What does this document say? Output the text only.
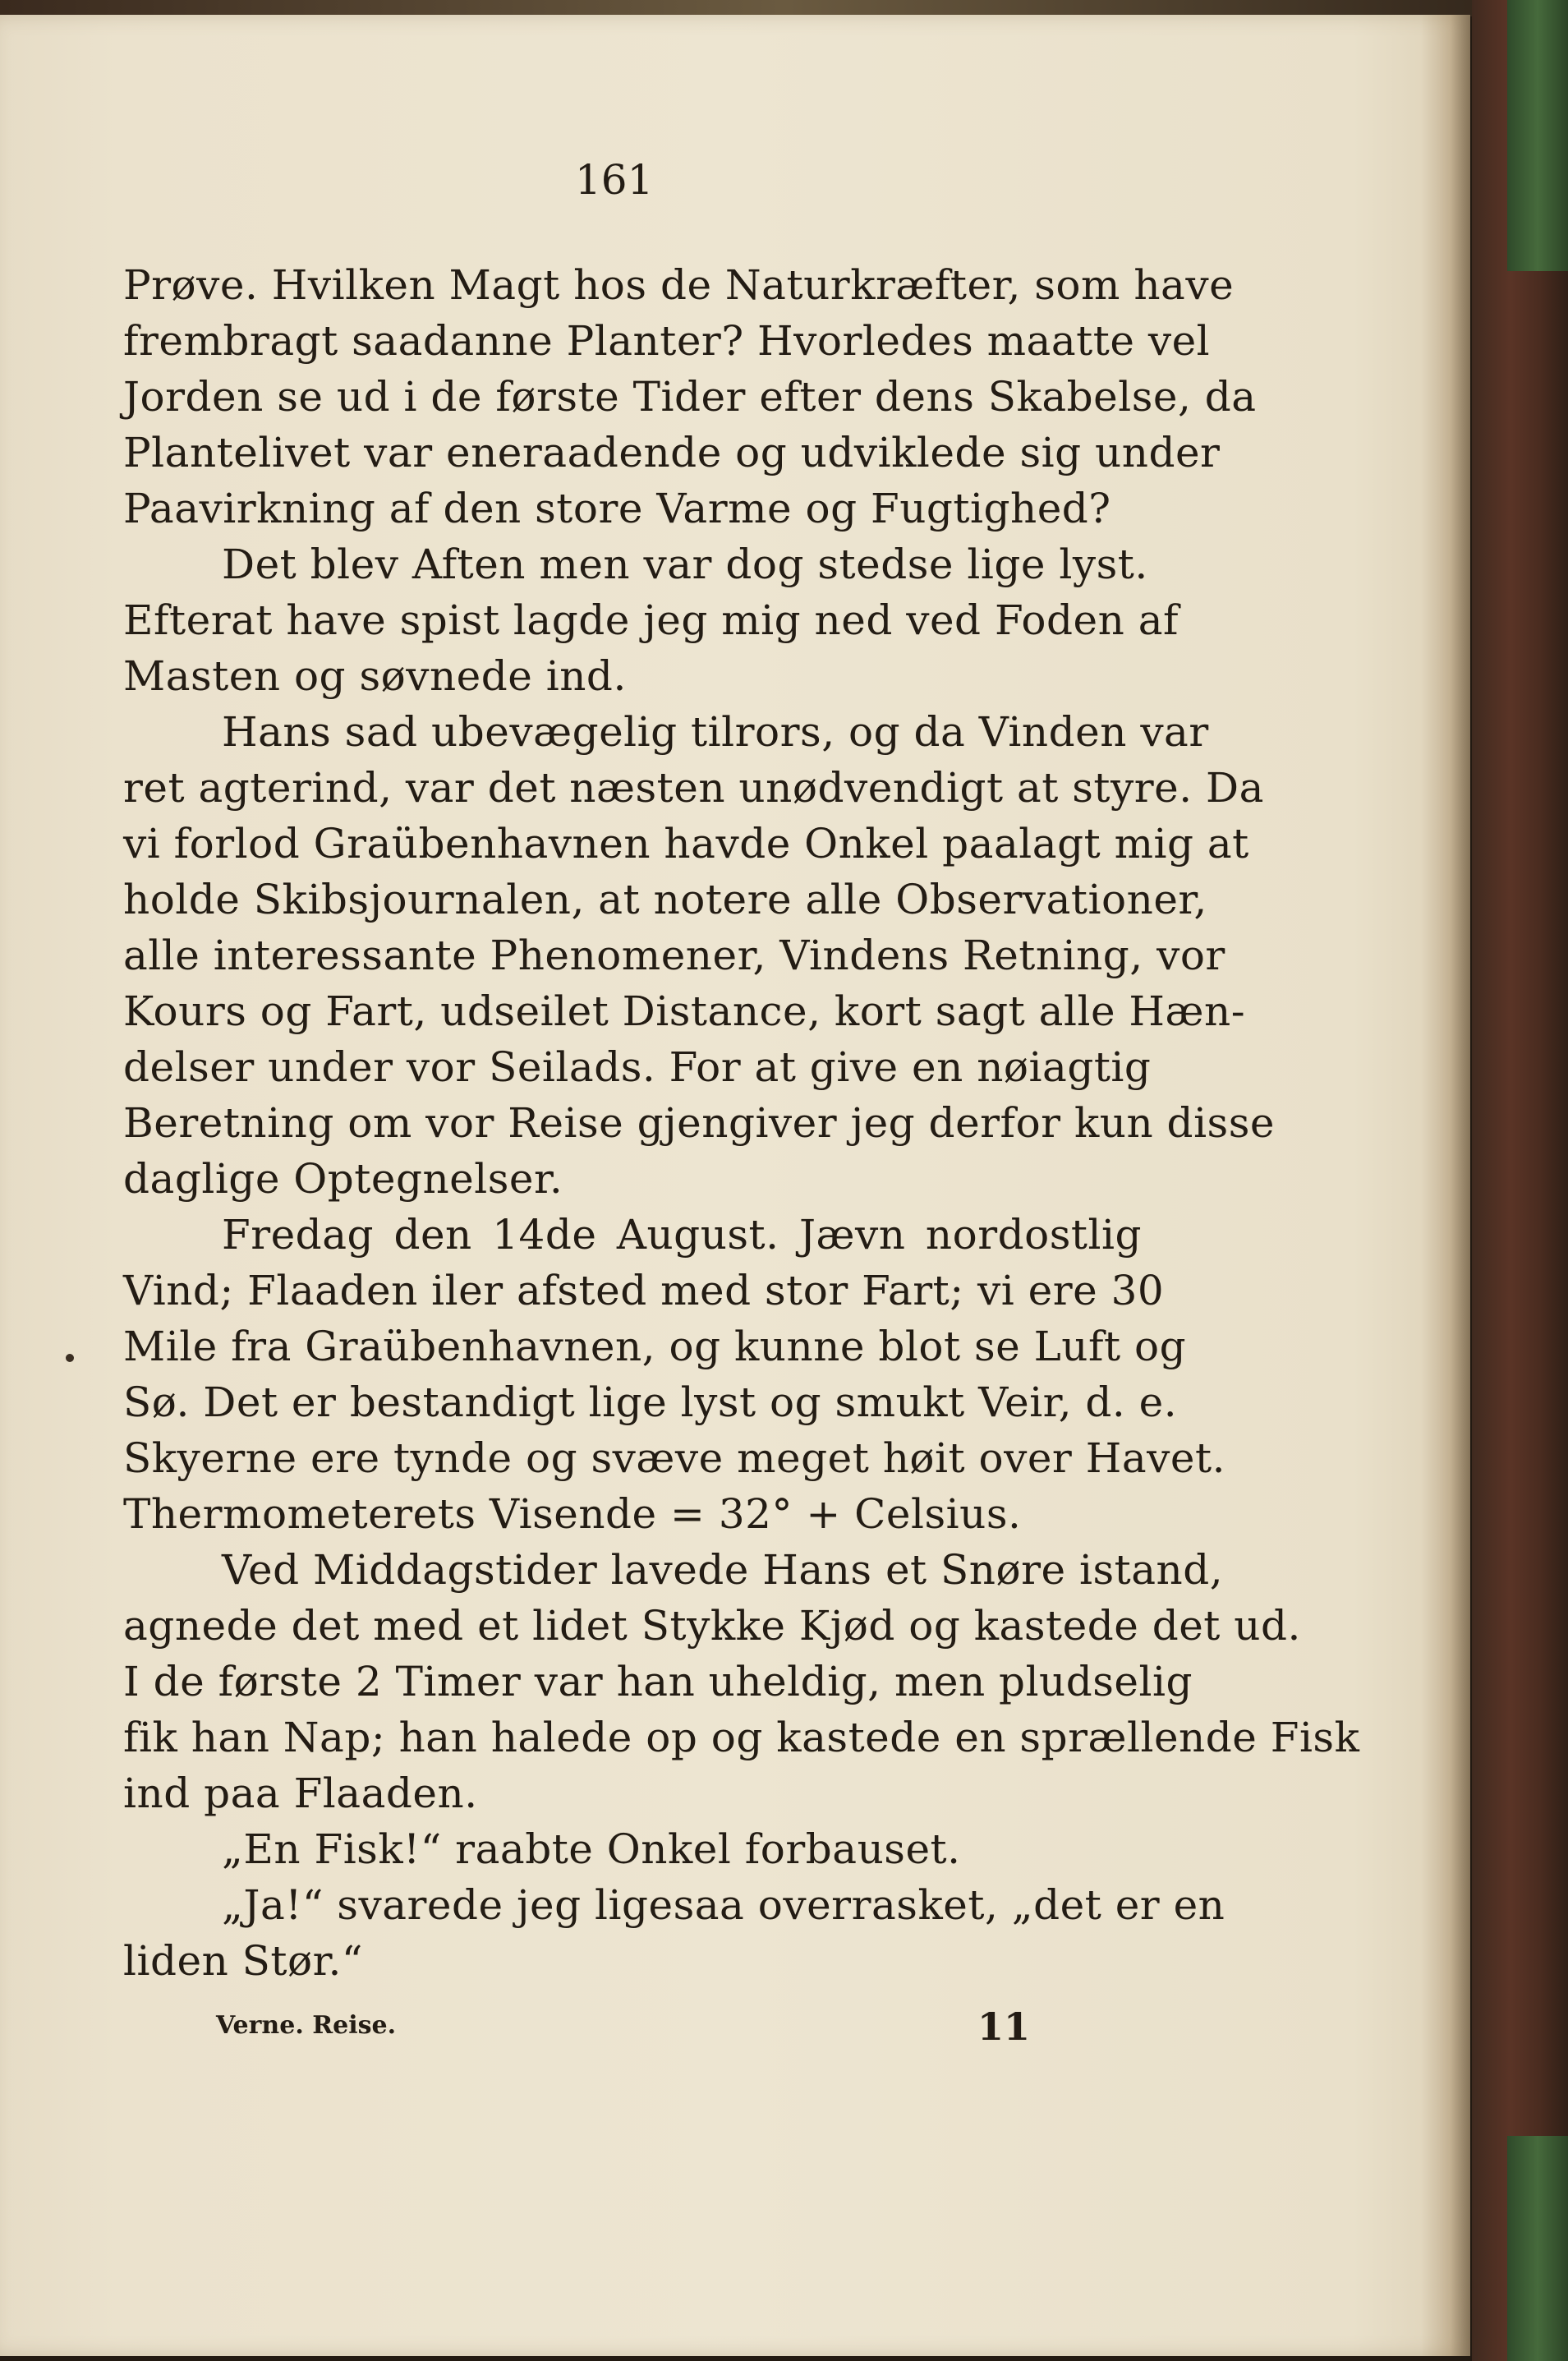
161
Prøve. Hvilken Magt hos de Naturkræfter, som have
frembragt saadanne Planter? Hvorledes maatte vel
Jorden se ud i de første Tider efter dens Skabelse, da
Plantelivet var eneraadende og udviklede sig under
Paavirkning af den store Varme og Fugtighed?
Det blev Aften men var dog stedse lige lyst.
Efterat have spist lagde jeg mig ned ved Foden af
Masten og søvnede ind.
Hans sad ubevægelig tilrors, og da Vinden var
ret agterind, var det næsten unødvendigt at styre. Da
vi forlod Graübenhavnen havde Onkel paalagt mig at
holde Skibsjournalen, at notere alle Observationer,
alle interessante Phenomener, Vindens Retning, vor
Kours og Fart, udseilet Distance, kort sagt alle Hæn-
delser under vor Seilads. For at give en nøiagtig
Beretning om vor Reise gjengiver jeg derfor kun disse
daglige Optegnelser.
Fredag den 14de August. Jævn nordostlig
Vind; Flaaden iler afsted med stor Fart; vi ere 30
Mile fra Graübenhavnen, og kunne blot se Luft og
Sø. Det er bestandigt lige lyst og smukt Veir, d. e.
Skyerne ere tynde og svæve meget høit over Havet.
Thermometerets Visende = 32° + Celsius.
Ved Middagstider lavede Hans et Snøre istand,
agnede det med et lidet Stykke Kjød og kastede det ud.
I de første 2 Timer var han uheldig, men pludselig
fik han Nap; han halede op og kastede en sprællende Fisk
ind paa Flaaden.
„En Fisk!“ raabte Onkel forbauset.
„Ja!“ svarede jeg ligesaa overrasket, „det er en
liden Stør.“
Verne. Reise.	11
